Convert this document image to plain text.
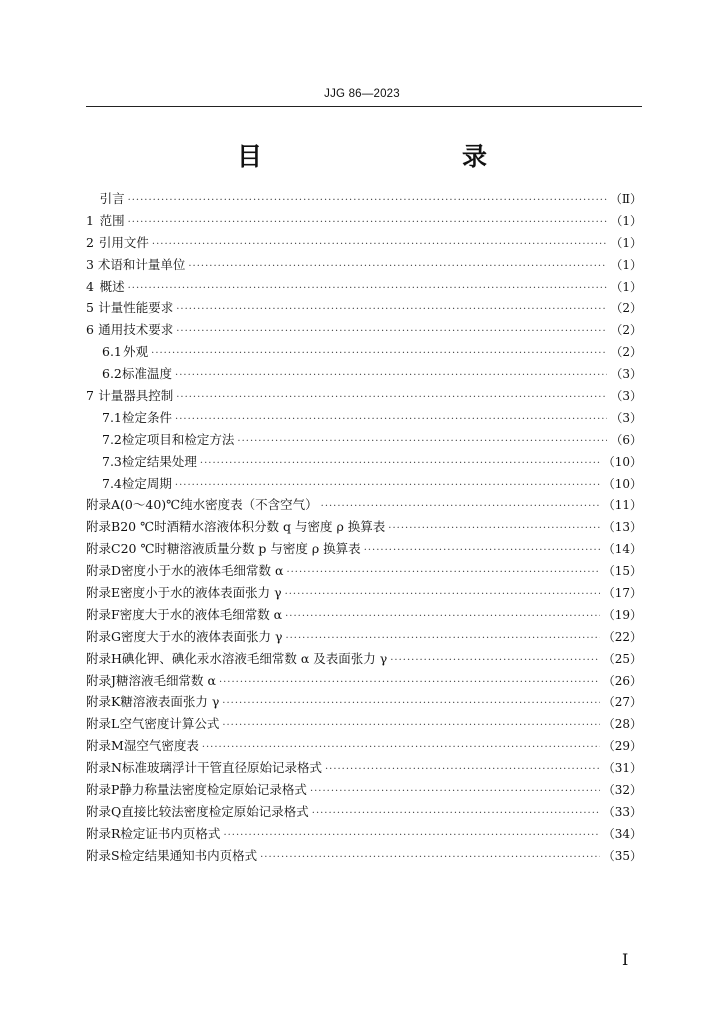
JJG 86—2023
目　　录
引言 ·····	（Ⅱ）
1 范围 ·····	（1）
2 引用文件 ·····	（1）
3 术语和计量单位 ·····	（1）
4 概述 ·····	（1）
5 计量性能要求 ·····	（2）
6 通用技术要求 ·····	（2）
6.1 外观 ·····	（2）
6.2 标准温度 ·····	（3）
7 计量器具控制 ·····	（3）
7.1 检定条件 ·····	（3）
7.2 检定项目和检定方法 ·····	（6）
7.3 检定结果处理 ·····	（10）
7.4 检定周期 ·····	（10）
附录A (0～40)℃纯水密度表（不含空气） ·····	（11）
附录B 20 ℃时酒精水溶液体积分数 q 与密度 ρ 换算表 ·····	（13）
附录C 20 ℃时糖溶液质量分数 p 与密度 ρ 换算表 ·····	（14）
附录D 密度小于水的液体毛细常数 α ·····	（15）
附录E 密度小于水的液体表面张力 γ ·····	（17）
附录F 密度大于水的液体毛细常数 α ·····	（19）
附录G 密度大于水的液体表面张力 γ ·····	（22）
附录H 碘化钾、碘化汞水溶液毛细常数 α 及表面张力 γ ·····	（25）
附录J 糖溶液毛细常数 α ·····	（26）
附录K 糖溶液表面张力 γ ·····	（27）
附录L 空气密度计算公式 ·····	（28）
附录M 湿空气密度表 ·····	（29）
附录N 标准玻璃浮计干管直径原始记录格式 ·····	（31）
附录P 静力称量法密度检定原始记录格式 ·····	（32）
附录Q 直接比较法密度检定原始记录格式 ·····	（33）
附录R 检定证书内页格式 ·····	（34）
附录S 检定结果通知书内页格式 ·····	（35）
Ⅰ
